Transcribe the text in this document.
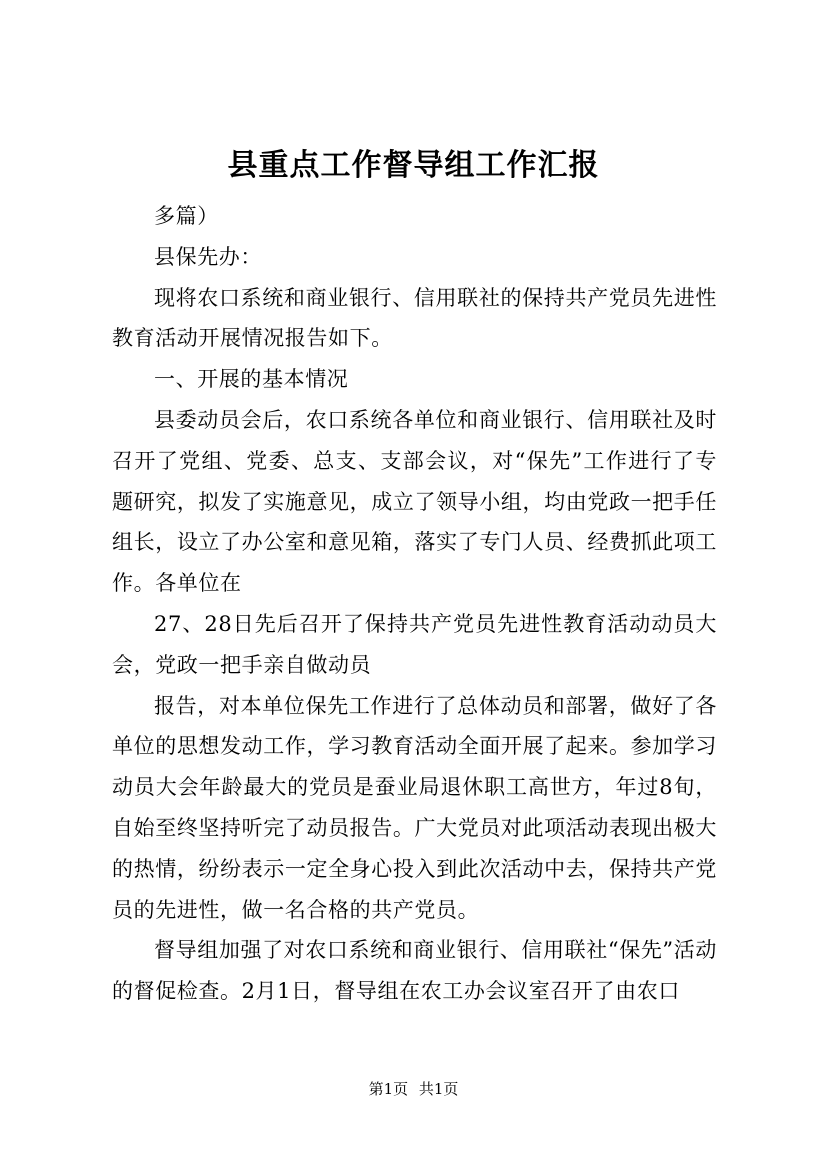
县重点工作督导组工作汇报

多篇）

县保先办：

现将农口系统和商业银行、信用联社的保持共产党员先进性教育活动开展情况报告如下。

一、开展的基本情况

县委动员会后，农口系统各单位和商业银行、信用联社及时召开了党组、党委、总支、支部会议，对“保先”工作进行了专题研究，拟发了实施意见，成立了领导小组，均由党政一把手任组长，设立了办公室和意见箱，落实了专门人员、经费抓此项工作。各单位在

27、28日先后召开了保持共产党员先进性教育活动动员大会，党政一把手亲自做动员

报告，对本单位保先工作进行了总体动员和部署，做好了各单位的思想发动工作，学习教育活动全面开展了起来。参加学习动员大会年龄最大的党员是蚕业局退休职工高世方，年过8旬，自始至终坚持听完了动员报告。广大党员对此项活动表现出极大的热情，纷纷表示一定全身心投入到此次活动中去，保持共产党员的先进性，做一名合格的共产党员。

督导组加强了对农口系统和商业银行、信用联社“保先”活动的督促检查。2月1日，督导组在农工办会议室召开了由农口

第1页 共1页
